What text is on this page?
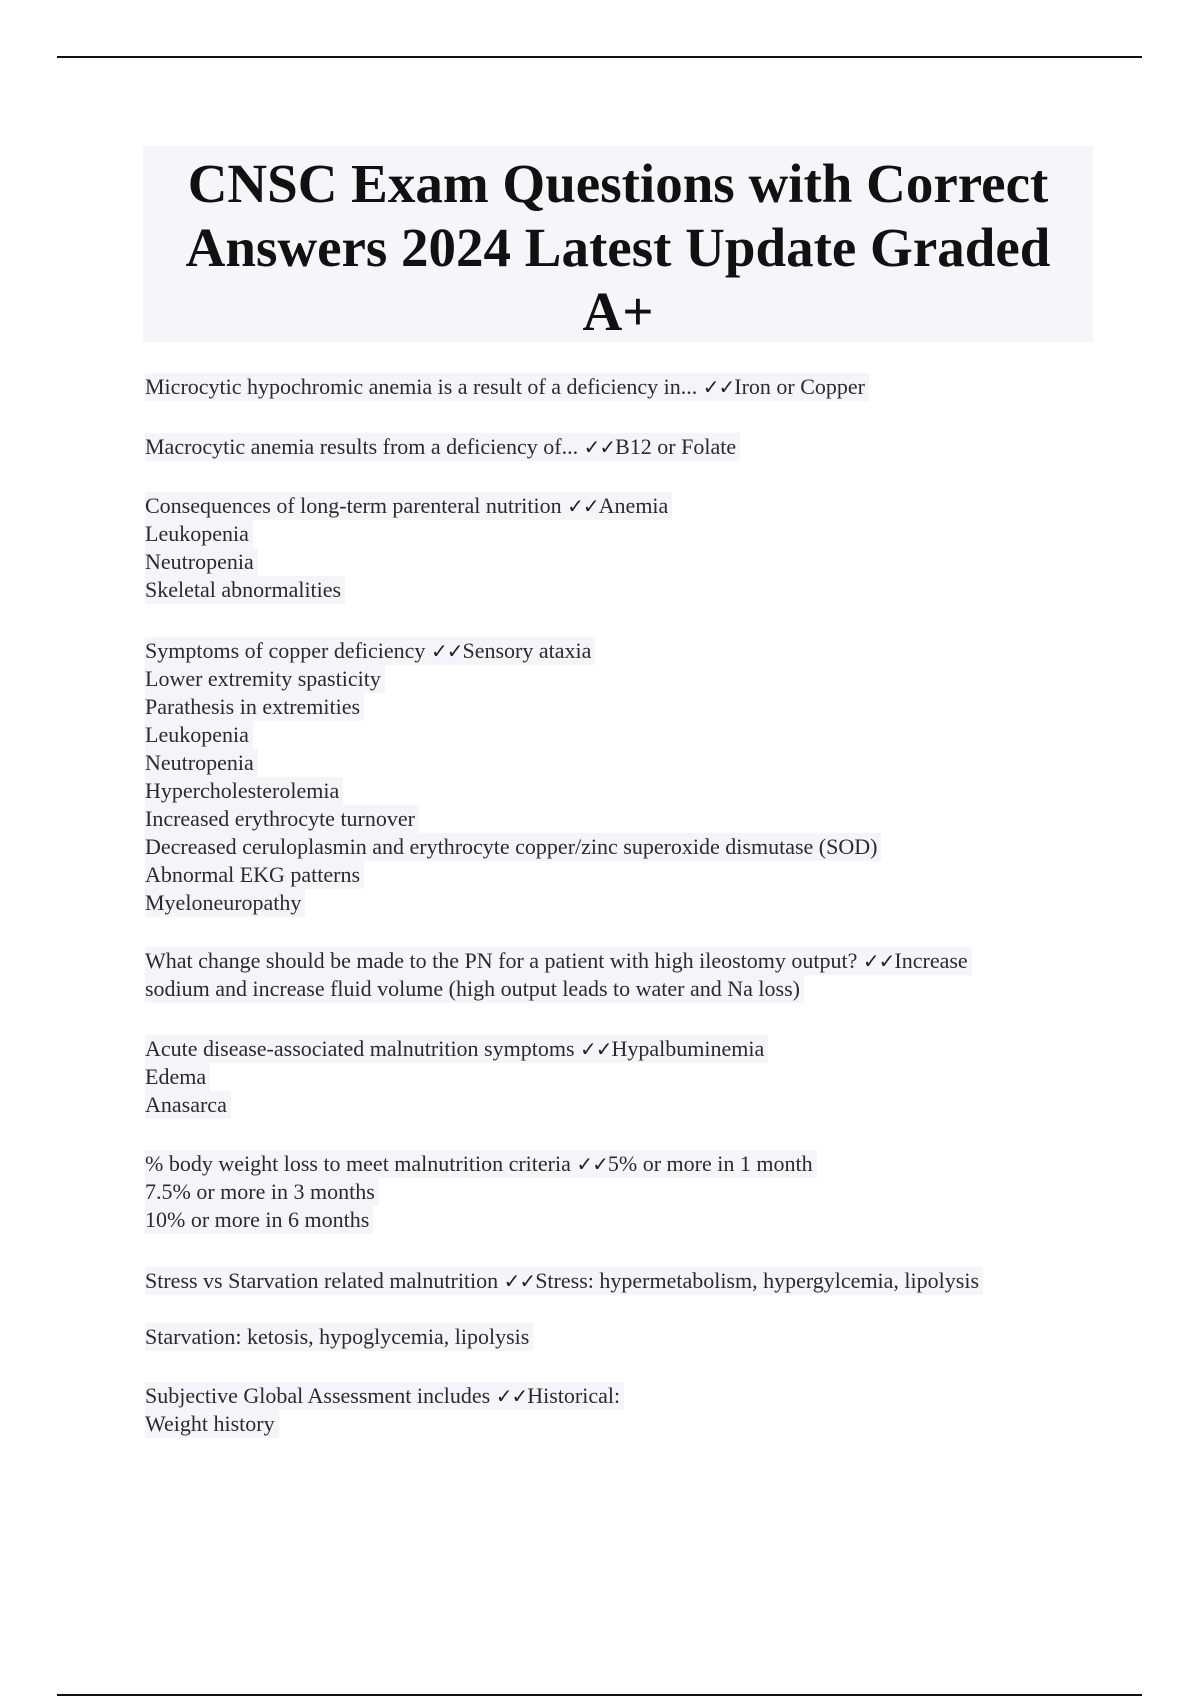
CNSC Exam Questions with Correct
Answers 2024 Latest Update Graded
A+
Microcytic hypochromic anemia is a result of a deficiency in... ✓✓Iron or Copper
Macrocytic anemia results from a deficiency of... ✓✓B12 or Folate
Consequences of long-term parenteral nutrition ✓✓Anemia
Leukopenia
Neutropenia
Skeletal abnormalities
Symptoms of copper deficiency ✓✓Sensory ataxia
Lower extremity spasticity
Parathesis in extremities
Leukopenia
Neutropenia
Hypercholesterolemia
Increased erythrocyte turnover
Decreased ceruloplasmin and erythrocyte copper/zinc superoxide dismutase (SOD)
Abnormal EKG patterns
Myeloneuropathy
What change should be made to the PN for a patient with high ileostomy output? ✓✓Increase
sodium and increase fluid volume (high output leads to water and Na loss)
Acute disease-associated malnutrition symptoms ✓✓Hypalbuminemia
Edema
Anasarca
% body weight loss to meet malnutrition criteria ✓✓5% or more in 1 month
7.5% or more in 3 months
10% or more in 6 months
Stress vs Starvation related malnutrition ✓✓Stress: hypermetabolism, hypergylcemia, lipolysis
Starvation: ketosis, hypoglycemia, lipolysis
Subjective Global Assessment includes ✓✓Historical:
Weight history
